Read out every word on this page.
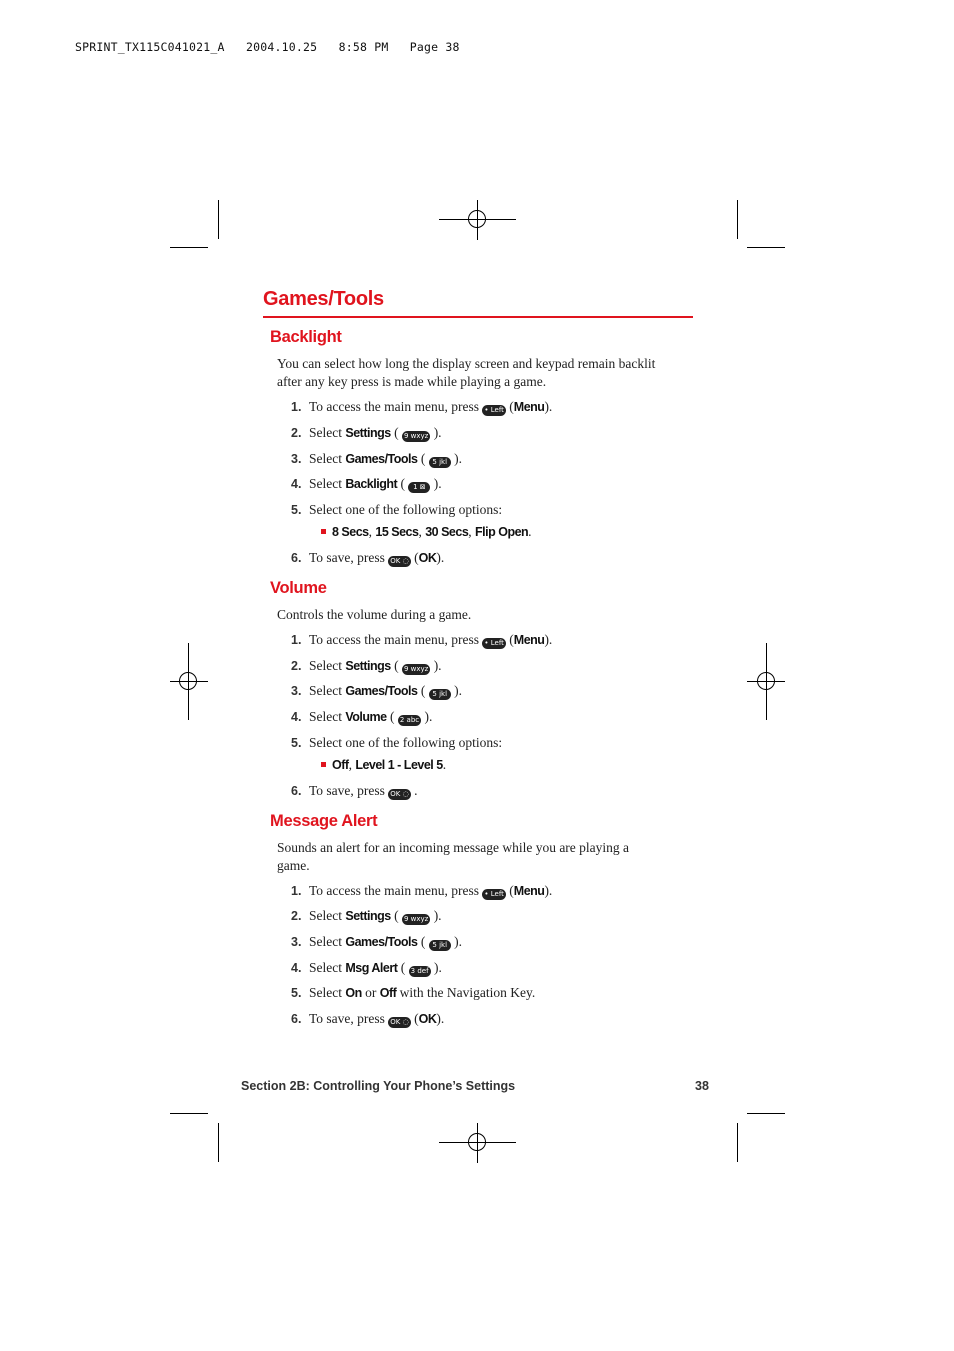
SPRINT_TX115C041021_A   2004.10.25   8:58 PM   Page 38
Games/Tools
Backlight
You can select how long the display screen and keypad remain backlit after any key press is made while playing a game.
1. To access the main menu, press • Left (Menu).
2. Select Settings ( 9 wxyz ).
3. Select Games/Tools ( 5 jkl ).
4. Select Backlight ( 1 ⊠ ).
5. Select one of the following options:
8 Secs, 15 Secs, 30 Secs, Flip Open.
6. To save, press OK ◌ (OK).
Volume
Controls the volume during a game.
1. To access the main menu, press • Left (Menu).
2. Select Settings ( 9 wxyz ).
3. Select Games/Tools ( 5 jkl ).
4. Select Volume ( 2 abc ).
5. Select one of the following options:
Off, Level 1 - Level 5.
6. To save, press OK ◌ .
Message Alert
Sounds an alert for an incoming message while you are playing a game.
1. To access the main menu, press • Left (Menu).
2. Select Settings ( 9 wxyz ).
3. Select Games/Tools ( 5 jkl ).
4. Select Msg Alert ( 3 def ).
5. Select On or Off with the Navigation Key.
6. To save, press OK ◌ (OK).
Section 2B: Controlling Your Phone’s Settings	38
